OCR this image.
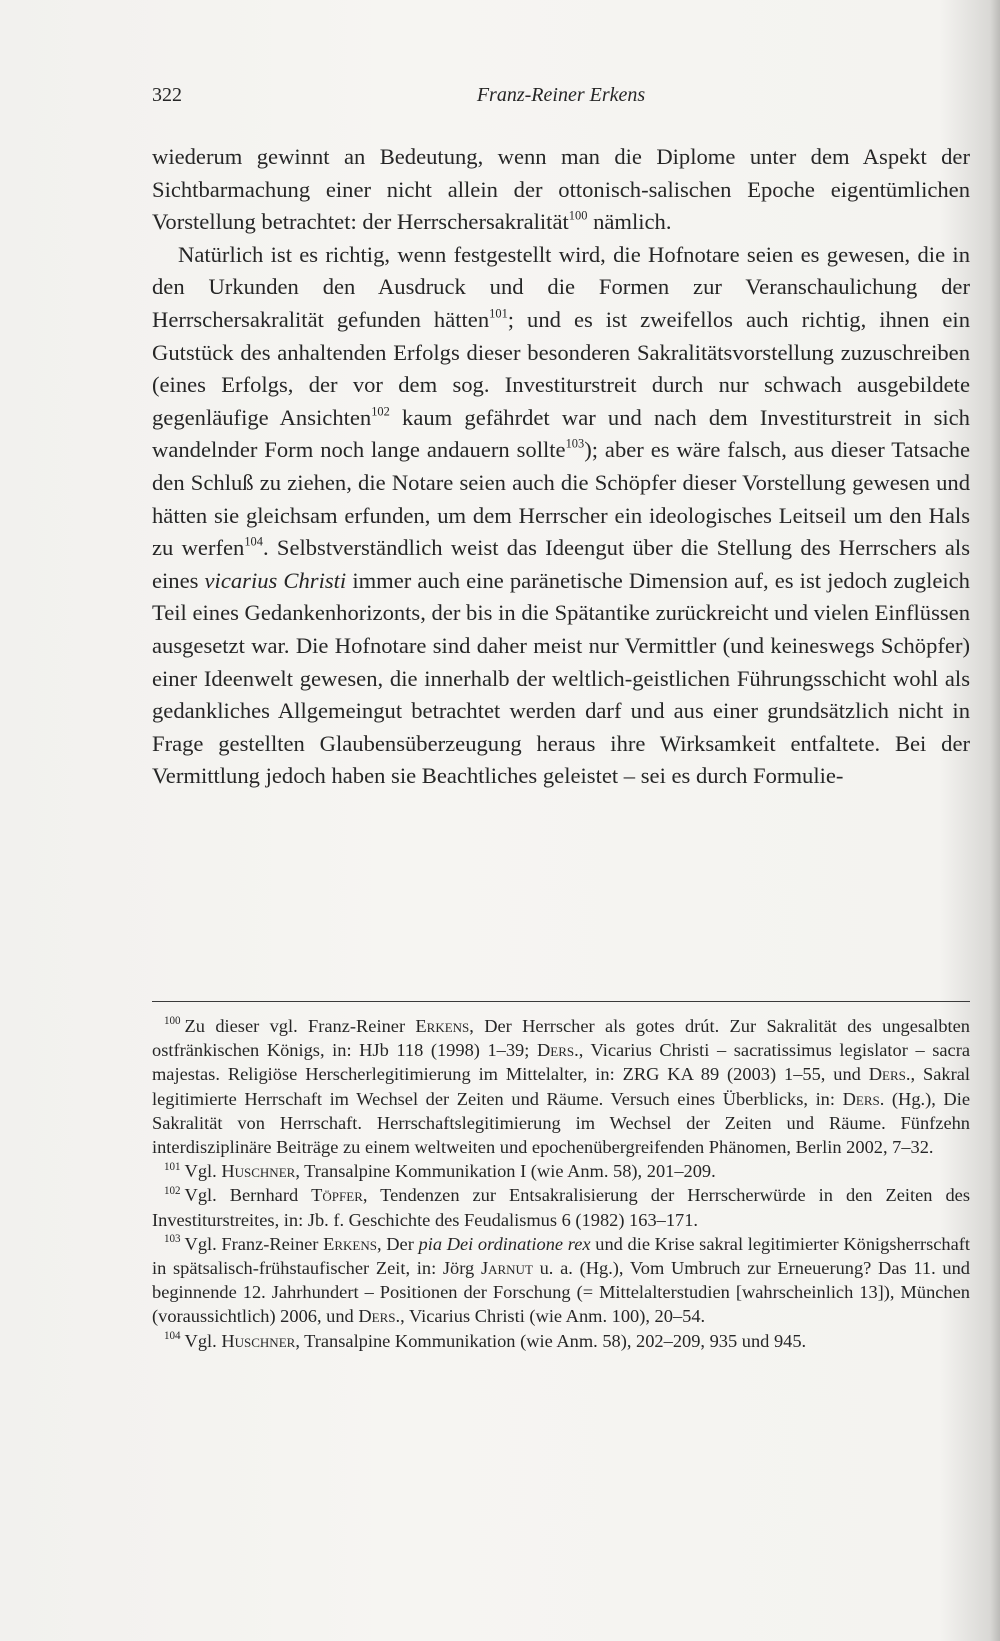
322	Franz-Reiner Erkens

wiederum gewinnt an Bedeutung, wenn man die Diplome unter dem Aspekt der Sichtbarmachung einer nicht allein der ottonisch-salischen Epoche eigentümlichen Vorstellung betrachtet: der Herrschersakralität$^{100}$ nämlich.

Natürlich ist es richtig, wenn festgestellt wird, die Hofnotare seien es gewesen, die in den Urkunden den Ausdruck und die Formen zur Veranschaulichung der Herrschersakralität gefunden hätten$^{101}$; und es ist zweifellos auch richtig, ihnen ein Gutstück des anhaltenden Erfolgs dieser besonderen Sakralitätsvorstellung zuzuschreiben (eines Erfolgs, der vor dem sog. Investiturstreit durch nur schwach ausgebildete gegenläufige Ansichten$^{102}$ kaum gefährdet war und nach dem Investiturstreit in sich wandelnder Form noch lange andauern sollte$^{103}$); aber es wäre falsch, aus dieser Tatsache den Schluß zu ziehen, die Notare seien auch die Schöpfer dieser Vorstellung gewesen und hätten sie gleichsam erfunden, um dem Herrscher ein ideologisches Leitseil um den Hals zu werfen$^{104}$. Selbstverständlich weist das Ideengut über die Stellung des Herrschers als eines vicarius Christi immer auch eine paränetische Dimension auf, es ist jedoch zugleich Teil eines Gedankenhorizonts, der bis in die Spätantike zurückreicht und vielen Einflüssen ausgesetzt war. Die Hofnotare sind daher meist nur Vermittler (und keineswegs Schöpfer) einer Ideenwelt gewesen, die innerhalb der weltlich-geistlichen Führungsschicht wohl als gedankliches Allgemeingut betrachtet werden darf und aus einer grundsätzlich nicht in Frage gestellten Glaubensüberzeugung heraus ihre Wirksamkeit entfaltete. Bei der Vermittlung jedoch haben sie Beachtliches geleistet – sei es durch Formulie-

$^{100}$ Zu dieser vgl. Franz-Reiner Erkens, Der Herrscher als gotes drút. Zur Sakralität des ungesalbten ostfränkischen Königs, in: HJb 118 (1998) 1–39; Ders., Vicarius Christi – sacratissimus legislator – sacra majestas. Religiöse Herscherlegitimierung im Mittelalter, in: ZRG KA 89 (2003) 1–55, und Ders., Sakral legitimierte Herrschaft im Wechsel der Zeiten und Räume. Versuch eines Überblicks, in: Ders. (Hg.), Die Sakralität von Herrschaft. Herrschaftslegitimierung im Wechsel der Zeiten und Räume. Fünfzehn interdisziplinäre Beiträge zu einem weltweiten und epochenübergreifenden Phänomen, Berlin 2002, 7–32.

$^{101}$ Vgl. Huschner, Transalpine Kommunikation I (wie Anm. 58), 201–209.

$^{102}$ Vgl. Bernhard Töpfer, Tendenzen zur Entsakralisierung der Herrscherwürde in den Zeiten des Investiturstreites, in: Jb. f. Geschichte des Feudalismus 6 (1982) 163–171.

$^{103}$ Vgl. Franz-Reiner Erkens, Der pia Dei ordinatione rex und die Krise sakral legitimierter Königsherrschaft in spätsalisch-frühstaufischer Zeit, in: Jörg Jarnut u. a. (Hg.), Vom Umbruch zur Erneuerung? Das 11. und beginnende 12. Jahrhundert – Positionen der Forschung (= Mittelalterstudien [wahrscheinlich 13]), München (voraussichtlich) 2006, und Ders., Vicarius Christi (wie Anm. 100), 20–54.

$^{104}$ Vgl. Huschner, Transalpine Kommunikation (wie Anm. 58), 202–209, 935 und 945.
